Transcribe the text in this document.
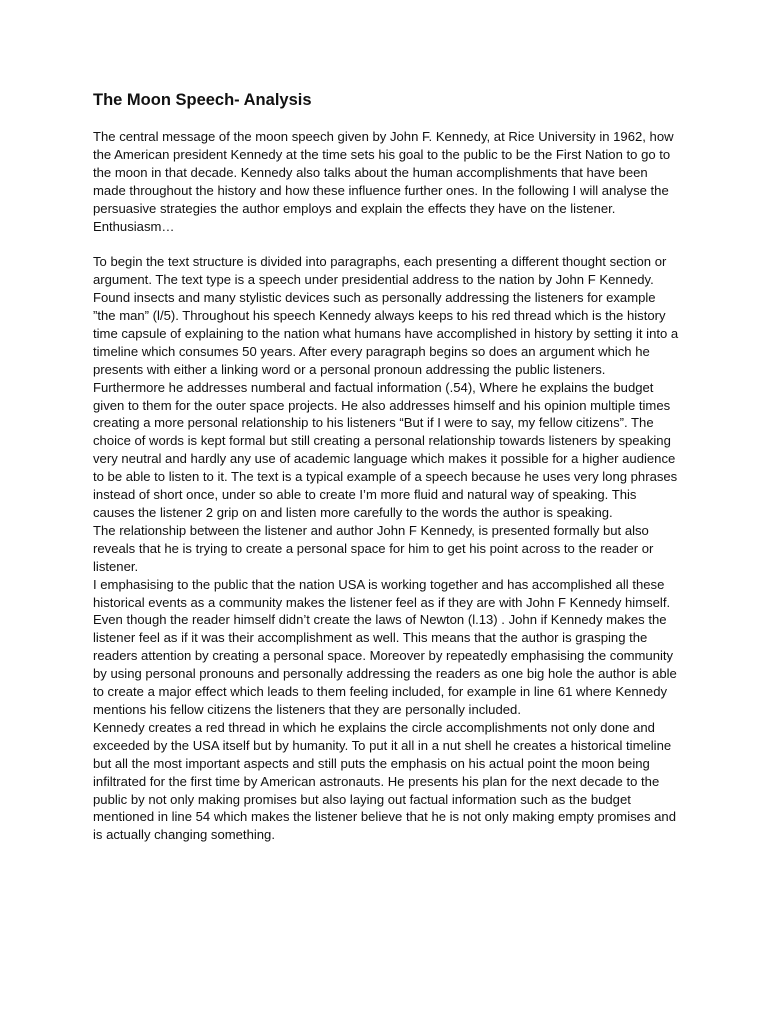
The Moon Speech- Analysis

The central message of the moon speech given by John F. Kennedy, at Rice University in 1962, how the American president Kennedy at the time sets his goal to the public to be the First Nation to go to the moon in that decade. Kennedy also talks about the human accomplishments that have been made throughout the history and how these influence further ones. In the following I will analyse the persuasive strategies the author employs and explain the effects they have on the listener. Enthusiasm…

To begin the text structure is divided into paragraphs, each presenting a different thought section or argument. The text type is a speech under presidential address to the nation by John F Kennedy.

Found insects and many stylistic devices such as personally addressing the listeners for example ”the man” (l/5). Throughout his speech Kennedy always keeps to his red thread which is the history time capsule of explaining to the nation what humans have accomplished in history by setting it into a timeline which consumes 50 years. After every paragraph begins so does an argument which he presents with either a linking word or a personal pronoun addressing the public listeners. Furthermore he addresses numberal and factual information (.54), Where he explains the budget given to them for the outer space projects. He also addresses himself and his opinion multiple times creating a more personal relationship to his listeners “But if I were to say, my fellow citizens”. The choice of words is kept formal but still creating a personal relationship towards listeners by speaking very neutral and hardly any use of academic language which makes it possible for a higher audience to be able to listen to it. The text is a typical example of a speech because he uses very long phrases instead of short once, under so able to create I’m more fluid and natural way of speaking. This causes the listener 2 grip on and listen more carefully to the words the author is speaking.

The relationship between the listener and author John F Kennedy, is presented formally but also reveals that he is trying to create a personal space for him to get his point across to the reader or listener.

I emphasising to the public that the nation USA is working together and has accomplished all these historical events as a community makes the listener feel as if they are with John F Kennedy himself. Even though the reader himself didn’t create the laws of Newton (l.13) . John if Kennedy makes the listener feel as if it was their accomplishment as well. This means that the author is grasping the readers attention by creating a personal space. Moreover by repeatedly emphasising the community by using personal pronouns and personally addressing the readers as one big hole the author is able to create a major effect which leads to them feeling included, for example in line 61 where Kennedy mentions his fellow citizens the listeners that they are personally included.

Kennedy creates a red thread in which he explains the circle accomplishments not only done and exceeded by the USA itself but by humanity. To put it all in a nut shell he creates a historical timeline but all the most important aspects and still puts the emphasis on his actual point the moon being infiltrated for the first time by American astronauts. He presents his plan for the next decade to the public by not only making promises but also laying out factual information such as the budget mentioned in line 54 which makes the listener believe that he is not only making empty promises and is actually changing something.
